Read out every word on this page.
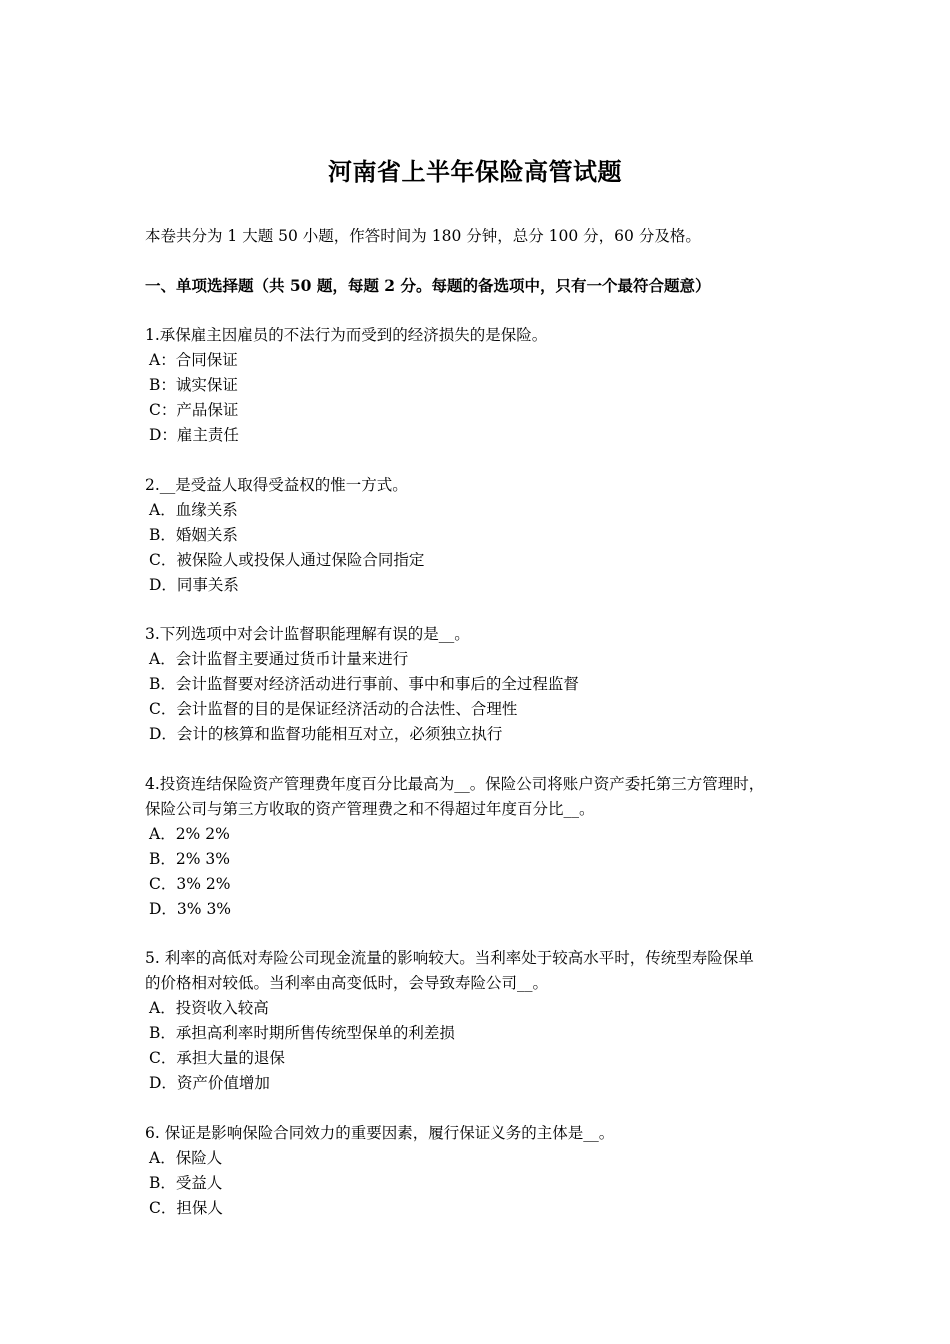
河南省上半年保险高管试题
本卷共分为 1 大题 50 小题，作答时间为 180 分钟，总分 100 分，60 分及格。
一、单项选择题（共 50 题，每题 2 分。每题的备选项中，只有一个最符合题意）
1.承保雇主因雇员的不法行为而受到的经济损失的是保险。
A：合同保证
B：诚实保证
C：产品保证
D：雇主责任
2.__是受益人取得受益权的惟一方式。
A．血缘关系
B．婚姻关系
C．被保险人或投保人通过保险合同指定
D．同事关系
3.下列选项中对会计监督职能理解有误的是__。
A．会计监督主要通过货币计量来进行
B．会计监督要对经济活动进行事前、事中和事后的全过程监督
C．会计监督的目的是保证经济活动的合法性、合理性
D．会计的核算和监督功能相互对立，必须独立执行
4.投资连结保险资产管理费年度百分比最高为__。保险公司将账户资产委托第三方管理时，
保险公司与第三方收取的资产管理费之和不得超过年度百分比__。
A．2% 2%
B．2% 3%
C．3% 2%
D．3% 3%
5. 利率的高低对寿险公司现金流量的影响较大。当利率处于较高水平时，传统型寿险保单
的价格相对较低。当利率由高变低时，会导致寿险公司__。
A．投资收入较高
B．承担高利率时期所售传统型保单的利差损
C．承担大量的退保
D．资产价值增加
6. 保证是影响保险合同效力的重要因素，履行保证义务的主体是__。
A．保险人
B．受益人
C．担保人
